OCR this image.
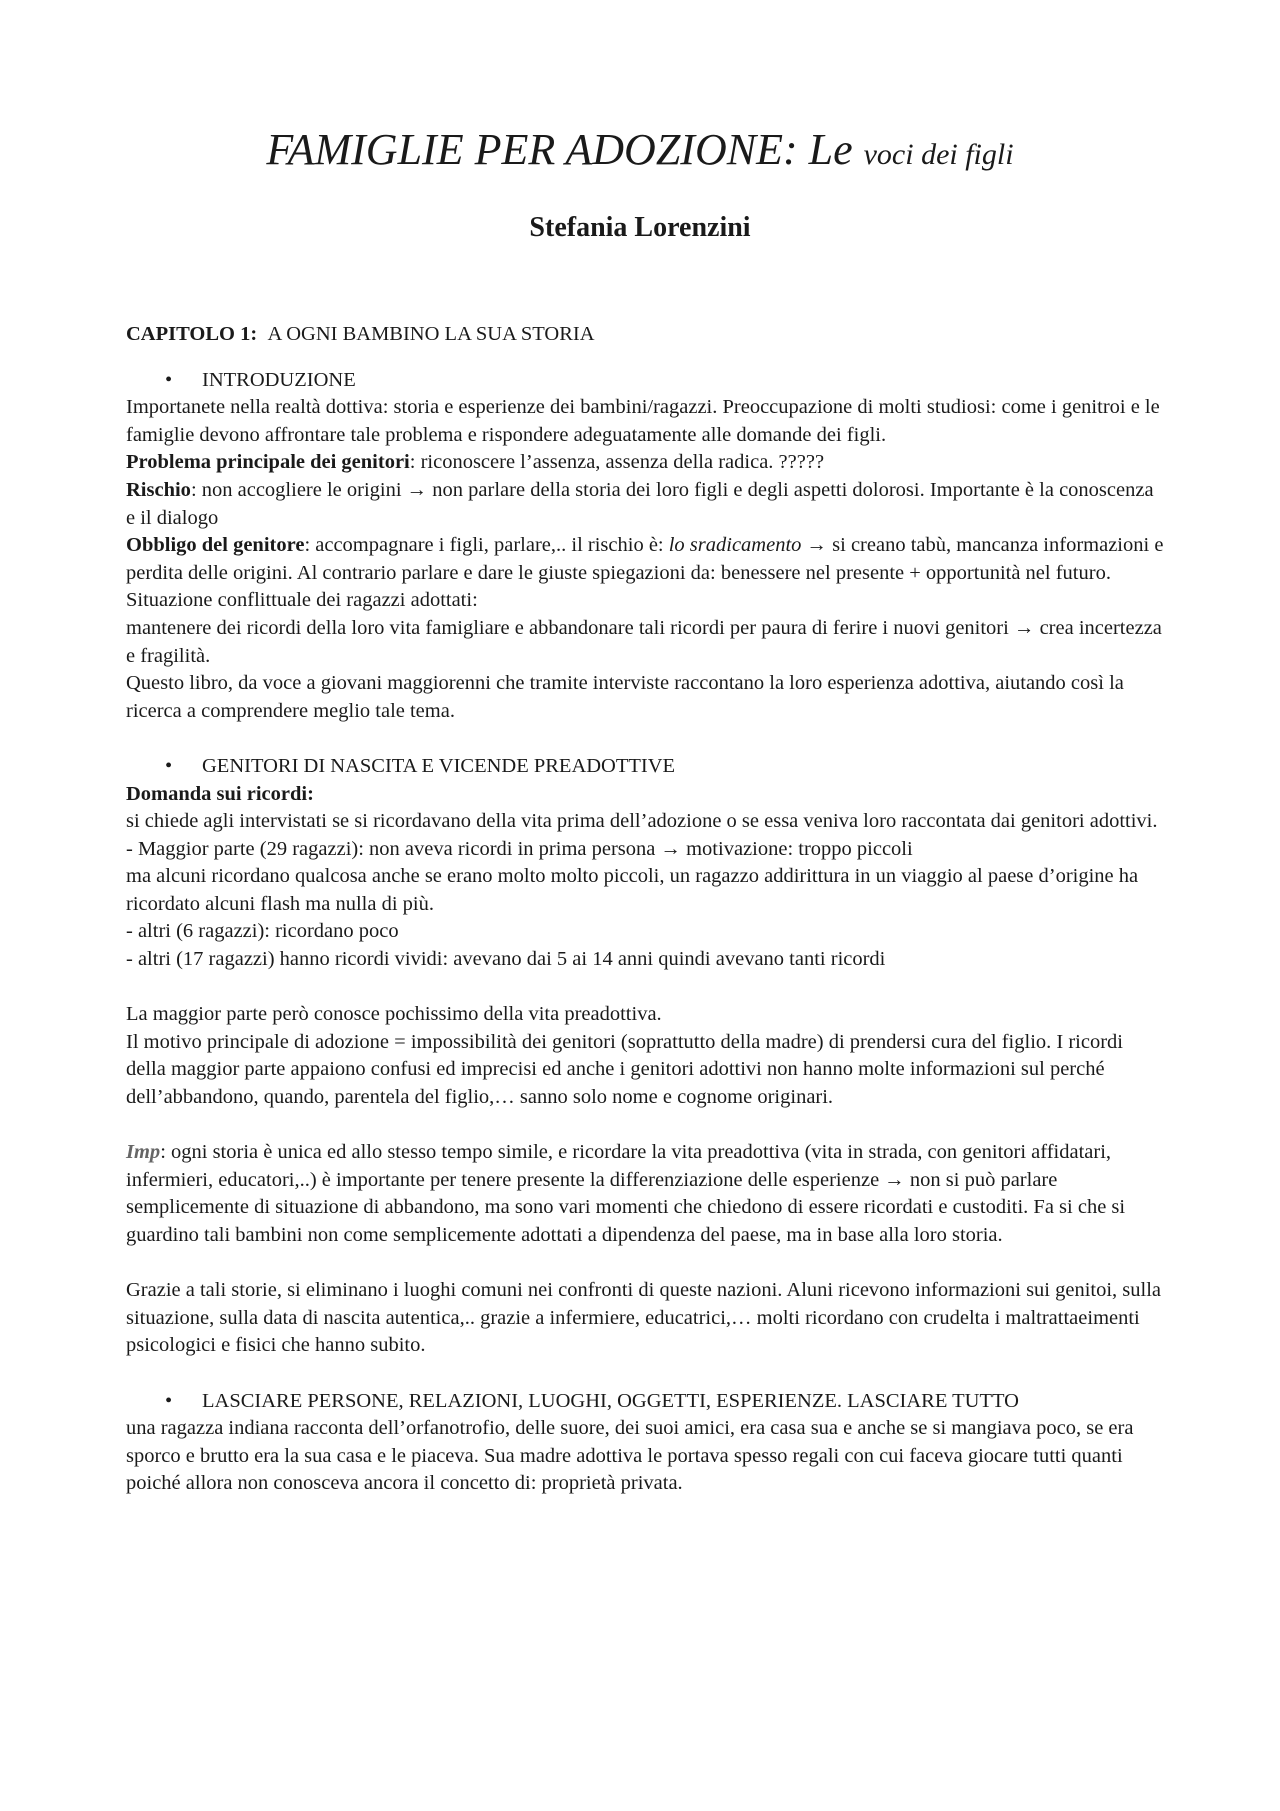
FAMIGLIE PER ADOZIONE: Le voci dei figli
Stefania Lorenzini

CAPITOLO 1: A OGNI BAMBINO LA SUA STORIA

• INTRODUZIONE

Importanete nella realtà dottiva: storia e esperienze dei bambini/ragazzi. Preoccupazione di molti studiosi: come i genitroi e le famiglie devono affrontare tale problema e rispondere adeguatamente alle domande dei figli.

Problema principale dei genitori: riconoscere l’assenza, assenza della radica. ?????

Rischio: non accogliere le origini → non parlare della storia dei loro figli e degli aspetti dolorosi. Importante è la conoscenza e il dialogo

Obbligo del genitore: accompagnare i figli, parlare,.. il rischio è: lo sradicamento → si creano tabù, mancanza informazioni e perdita delle origini. Al contrario parlare e dare le giuste spiegazioni da: benessere nel presente + opportunità nel futuro.

Situazione conflittuale dei ragazzi adottati:

mantenere dei ricordi della loro vita famigliare e abbandonare tali ricordi per paura di ferire i nuovi genitori → crea incertezza e fragilità.

Questo libro, da voce a giovani maggiorenni che tramite interviste raccontano la loro esperienza adottiva, aiutando così la ricerca a comprendere meglio tale tema.

• GENITORI DI NASCITA E VICENDE PREADOTTIVE

Domanda sui ricordi:

si chiede agli intervistati se si ricordavano della vita prima dell’adozione o se essa veniva loro raccontata dai genitori adottivi.

- Maggior parte (29 ragazzi): non aveva ricordi in prima persona → motivazione: troppo piccoli

ma alcuni ricordano qualcosa anche se erano molto molto piccoli, un ragazzo addirittura in un viaggio al paese d’origine ha ricordato alcuni flash ma nulla di più.

- altri (6 ragazzi): ricordano poco

- altri (17 ragazzi) hanno ricordi vividi: avevano dai 5 ai 14 anni quindi avevano tanti ricordi

La maggior parte però conosce pochissimo della vita preadottiva.

Il motivo principale di adozione = impossibilità dei genitori (soprattutto della madre) di prendersi cura del figlio. I ricordi della maggior parte appaiono confusi ed imprecisi ed anche i genitori adottivi non hanno molte informazioni sul perché dell’abbandono, quando, parentela del figlio,… sanno solo nome e cognome originari.

Imp: ogni storia è unica ed allo stesso tempo simile, e ricordare la vita preadottiva (vita in strada, con genitori affidatari, infermieri, educatori,..) è importante per tenere presente la differenziazione delle esperienze → non si può parlare semplicemente di situazione di abbandono, ma sono vari momenti che chiedono di essere ricordati e custoditi. Fa si che si guardino tali bambini non come semplicemente adottati a dipendenza del paese, ma in base alla loro storia.

Grazie a tali storie, si eliminano i luoghi comuni nei confronti di queste nazioni. Aluni ricevono informazioni sui genitoi, sulla situazione, sulla data di nascita autentica,.. grazie a infermiere, educatrici,… molti ricordano con crudelta i maltrattaeimenti psicologici e fisici che hanno subito.

• LASCIARE PERSONE, RELAZIONI, LUOGHI, OGGETTI, ESPERIENZE. LASCIARE TUTTO

una ragazza indiana racconta dell’orfanotrofio, delle suore, dei suoi amici, era casa sua e anche se si mangiava poco, se era sporco e brutto era la sua casa e le piaceva. Sua madre adottiva le portava spesso regali con cui faceva giocare tutti quanti poiché allora non conosceva ancora il concetto di: proprietà privata.
